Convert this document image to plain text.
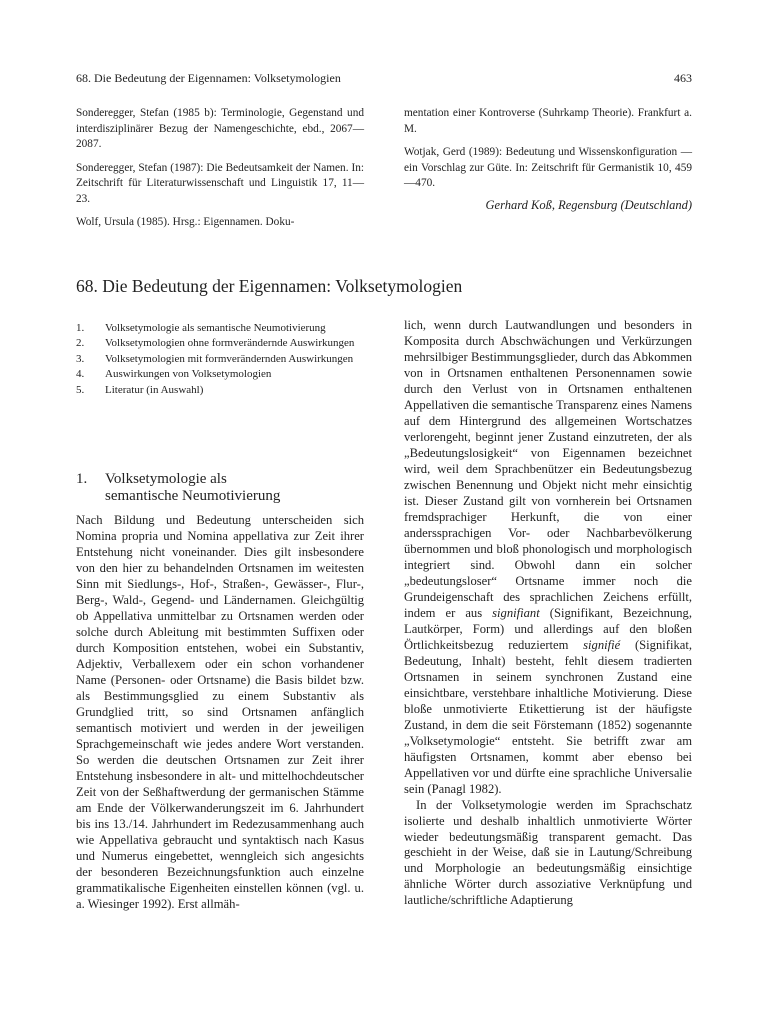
68. Die Bedeutung der Eigennamen: Volksetymologien	463

Sonderegger, Stefan (1985 b): Terminologie, Gegenstand und interdisziplinärer Bezug der Namengeschichte, ebd., 2067—2087.

Sonderegger, Stefan (1987): Die Bedeutsamkeit der Namen. In: Zeitschrift für Literaturwissenschaft und Linguistik 17, 11—23.

Wolf, Ursula (1985). Hrsg.: Eigennamen. Doku-

mentation einer Kontroverse (Suhrkamp Theorie). Frankfurt a. M.

Wotjak, Gerd (1989): Bedeutung und Wissenskonfiguration — ein Vorschlag zur Güte. In: Zeitschrift für Germanistik 10, 459—470.

Gerhard Koß, Regensburg (Deutschland)
68. Die Bedeutung der Eigennamen: Volksetymologien
1.	Volksetymologie als semantische Neumotivierung
2.	Volksetymologien ohne formverändernde Auswirkungen
3.	Volksetymologien mit formverändernden Auswirkungen
4.	Auswirkungen von Volksetymologien
5.	Literatur (in Auswahl)
1. Volksetymologie als
semantische Neumotivierung

Nach Bildung und Bedeutung unterscheiden sich Nomina propria und Nomina appellativa zur Zeit ihrer Entstehung nicht voneinander. Dies gilt insbesondere von den hier zu behandelnden Ortsnamen im weitesten Sinn mit Siedlungs-, Hof-, Straßen-, Gewässer-, Flur-, Berg-, Wald-, Gegend- und Ländernamen. Gleichgültig ob Appellativa unmittelbar zu Ortsnamen werden oder solche durch Ableitung mit bestimmten Suffixen oder durch Komposition entstehen, wobei ein Substantiv, Adjektiv, Verballexem oder ein schon vorhandener Name (Personen- oder Ortsname) die Basis bildet bzw. als Bestimmungsglied zu einem Substantiv als Grundglied tritt, so sind Ortsnamen anfänglich semantisch motiviert und werden in der jeweiligen Sprachgemeinschaft wie jedes andere Wort verstanden. So werden die deutschen Ortsnamen zur Zeit ihrer Entstehung insbesondere in alt- und mittelhochdeutscher Zeit von der Seßhaftwerdung der germanischen Stämme am Ende der Völkerwanderungszeit im 6. Jahrhundert bis ins 13./14. Jahrhundert im Redezusammenhang auch wie Appellativa gebraucht und syntaktisch nach Kasus und Numerus eingebettet, wenngleich sich angesichts der besonderen Bezeichnungsfunktion auch einzelne grammatikalische Eigenheiten einstellen können (vgl. u. a. Wiesinger 1992). Erst allmäh-

lich, wenn durch Lautwandlungen und besonders in Komposita durch Abschwächungen und Verkürzungen mehrsilbiger Bestimmungsglieder, durch das Abkommen von in Ortsnamen enthaltenen Personennamen sowie durch den Verlust von in Ortsnamen enthaltenen Appellativen die semantische Transparenz eines Namens auf dem Hintergrund des allgemeinen Wortschatzes verlorengeht, beginnt jener Zustand einzutreten, der als „Bedeutungslosigkeit“ von Eigennamen bezeichnet wird, weil dem Sprachbenützer ein Bedeutungsbezug zwischen Benennung und Objekt nicht mehr einsichtig ist. Dieser Zustand gilt von vornherein bei Ortsnamen fremdsprachiger Herkunft, die von einer anderssprachigen Vor- oder Nachbarbevölkerung übernommen und bloß phonologisch und morphologisch integriert sind. Obwohl dann ein solcher „bedeutungsloser“ Ortsname immer noch die Grundeigenschaft des sprachlichen Zeichens erfüllt, indem er aus signifiant (Signifikant, Bezeichnung, Lautkörper, Form) und allerdings auf den bloßen Örtlichkeitsbezug reduziertem signifié (Signifikat, Bedeutung, Inhalt) besteht, fehlt diesem tradierten Ortsnamen in seinem synchronen Zustand eine einsichtbare, verstehbare inhaltliche Motivierung. Diese bloße unmotivierte Etikettierung ist der häufigste Zustand, in dem die seit Förstemann (1852) sogenannte „Volksetymologie“ entsteht. Sie betrifft zwar am häufigsten Ortsnamen, kommt aber ebenso bei Appellativen vor und dürfte eine sprachliche Universalie sein (Panagl 1982).

In der Volksetymologie werden im Sprachschatz isolierte und deshalb inhaltlich unmotivierte Wörter wieder bedeutungsmäßig transparent gemacht. Das geschieht in der Weise, daß sie in Lautung/Schreibung und Morphologie an bedeutungsmäßig einsichtige ähnliche Wörter durch assoziative Verknüpfung und lautliche/schriftliche Adaptierung
